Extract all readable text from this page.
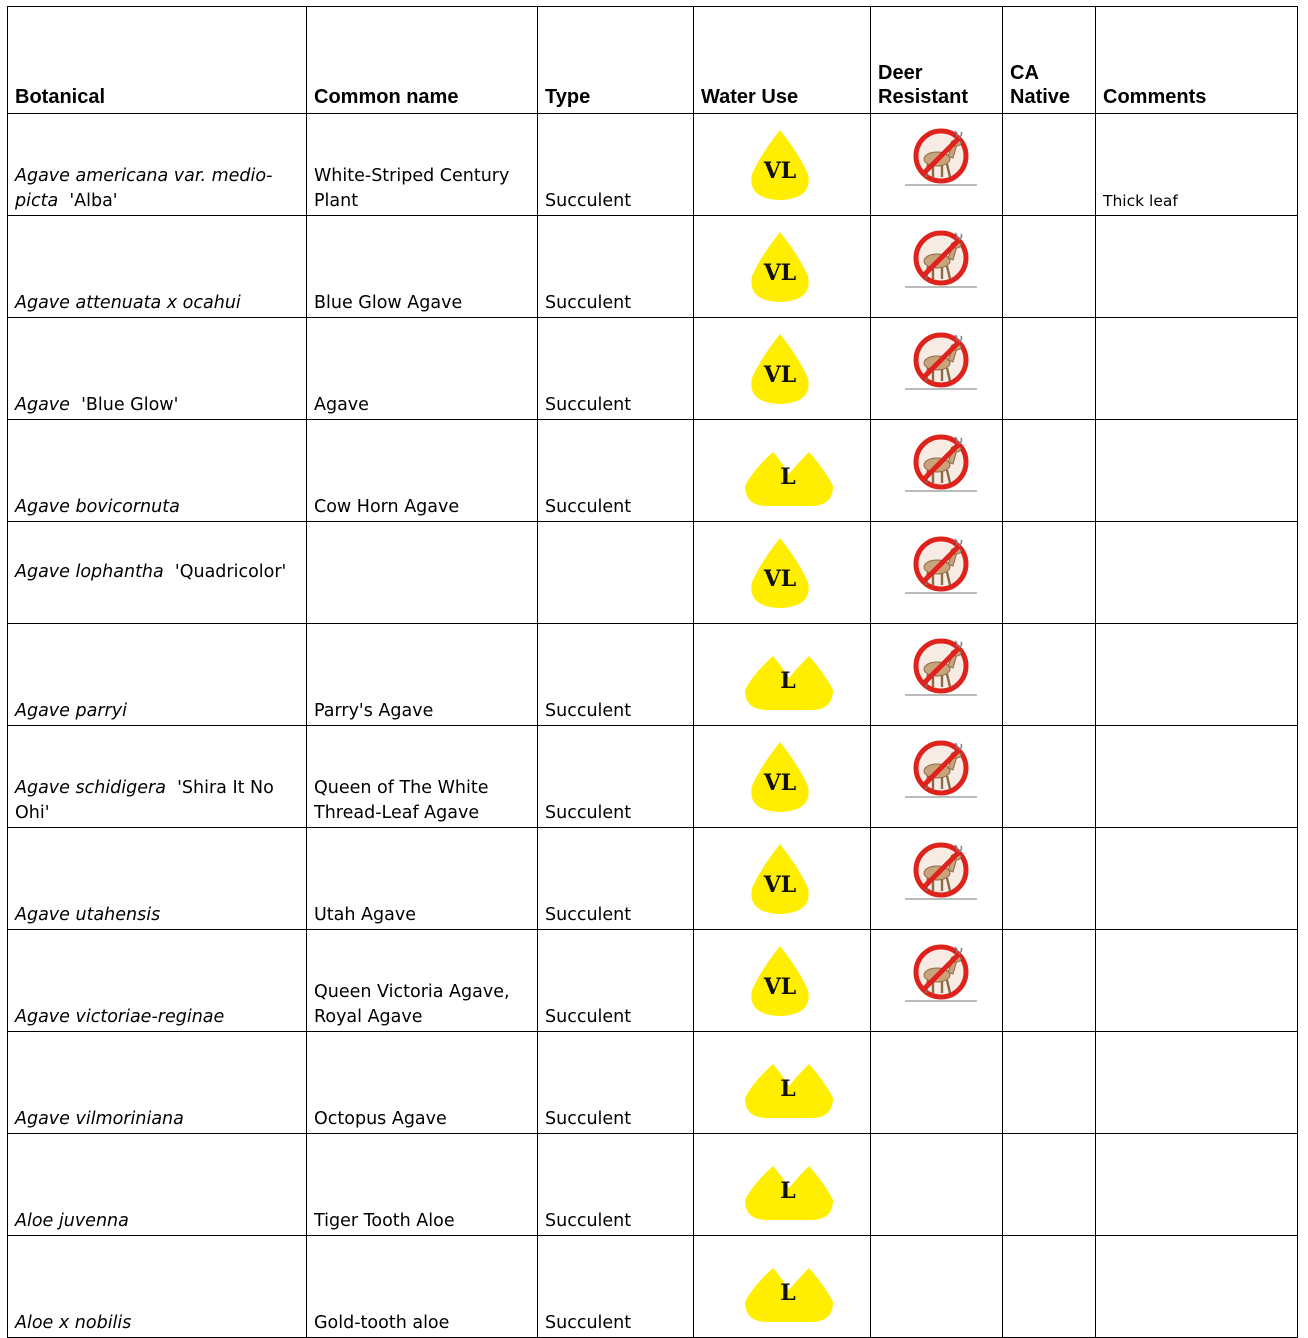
Botanical	Common name	Type	Water Use	Deer Resistant	CA Native	Comments

Agave americana var. medio-picta 'Alba'	White-Striped Century Plant	Succulent	VL			Thick leaf

Agave attenuata x ocahui	Blue Glow Agave	Succulent	VL

Agave 'Blue Glow'	Agave	Succulent	VL

Agave bovicornuta	Cow Horn Agave	Succulent	L

Agave lophantha 'Quadricolor'			VL

Agave parryi	Parry's Agave	Succulent	L

Agave schidigera 'Shira It No Ohi'	Queen of The White Thread-Leaf Agave	Succulent	VL

Agave utahensis	Utah Agave	Succulent	VL

Agave victoriae-reginae	Queen Victoria Agave, Royal Agave	Succulent	VL

Agave vilmoriniana	Octopus Agave	Succulent	L			

Aloe juvenna	Tiger Tooth Aloe	Succulent	L			

Aloe x nobilis	Gold-tooth aloe	Succulent	L			
